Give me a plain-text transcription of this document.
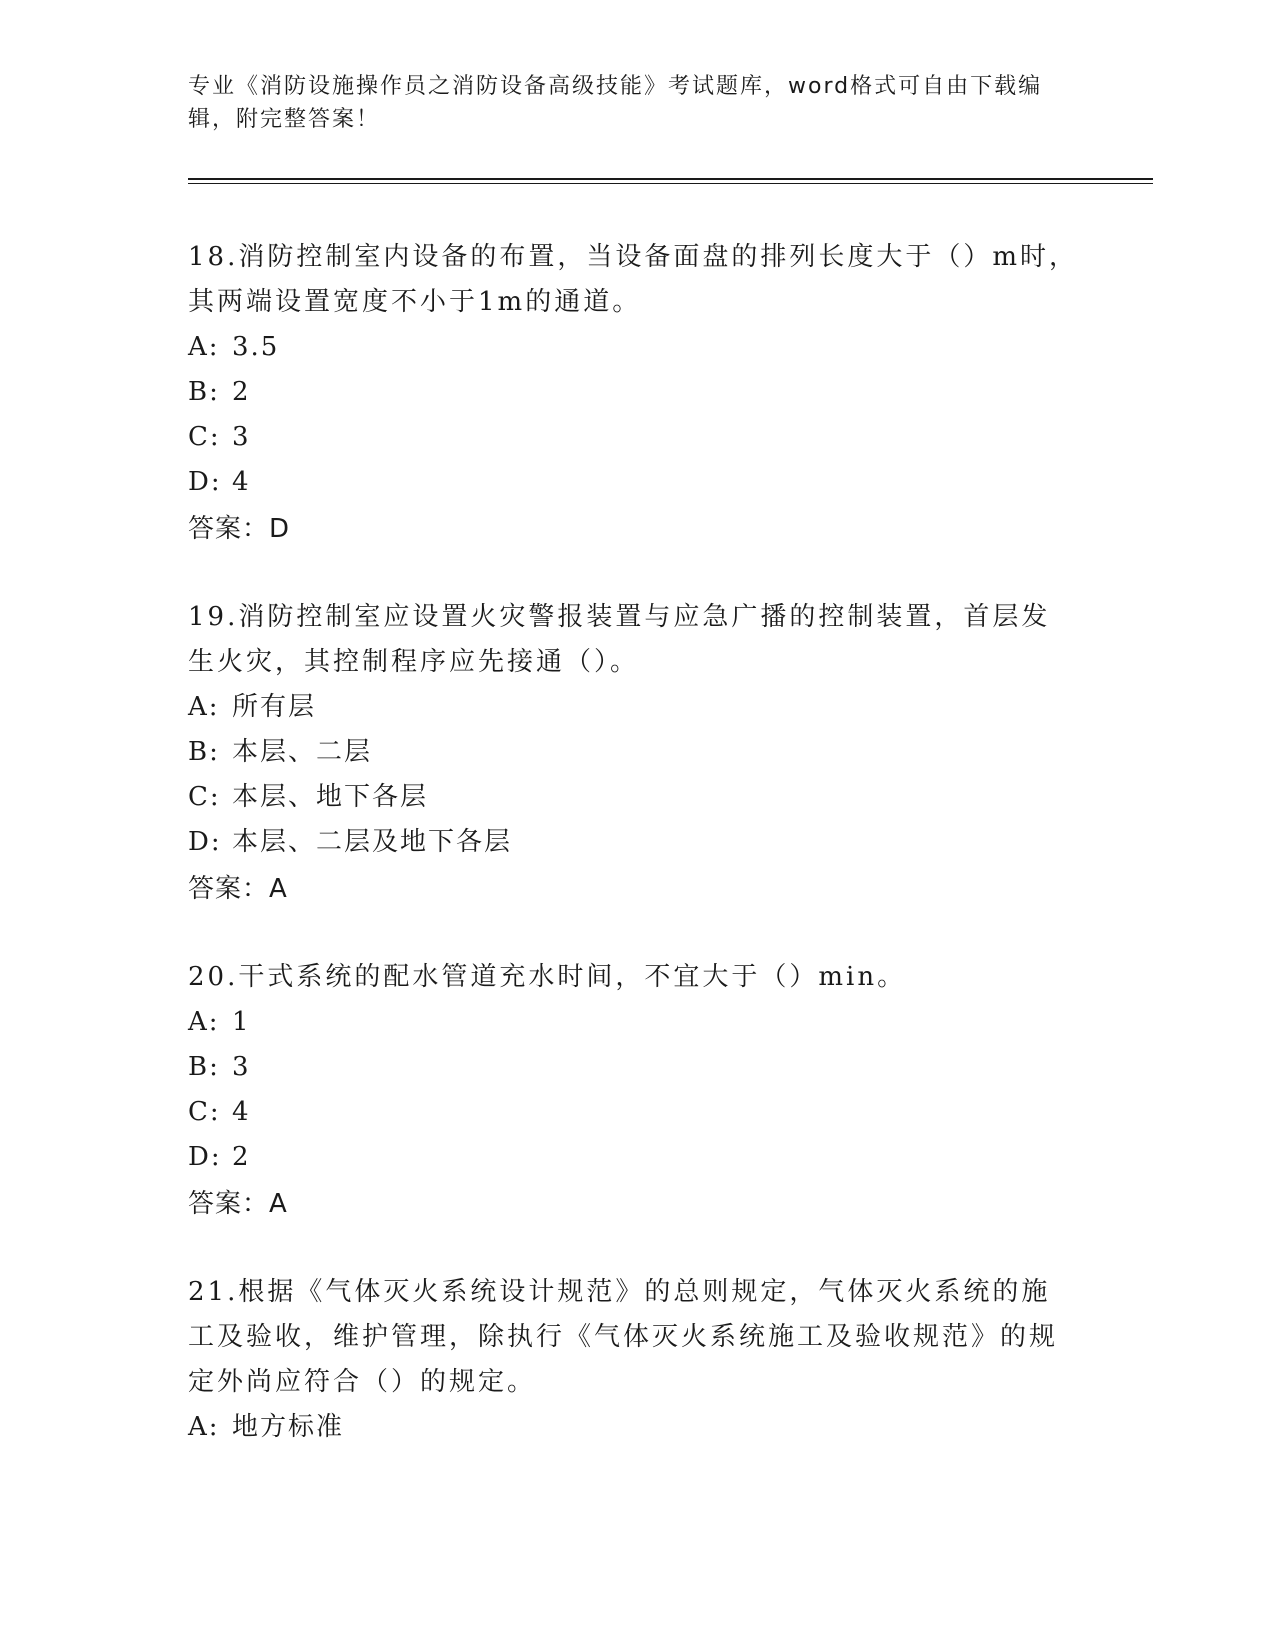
专业《消防设施操作员之消防设备高级技能》考试题库，word格式可自由下载编辑，附完整答案！

18.消防控制室内设备的布置，当设备面盘的排列长度大于（）m时，其两端设置宽度不小于1m的通道。

A: 3.5

B: 2

C: 3

D: 4

答案：D

19.消防控制室应设置火灾警报装置与应急广播的控制装置，首层发生火灾，其控制程序应先接通（）。

A: 所有层

B: 本层、二层

C: 本层、地下各层

D: 本层、二层及地下各层

答案：A

20.干式系统的配水管道充水时间，不宜大于（）min。

A: 1

B: 3

C: 4

D: 2

答案：A

21.根据《气体灭火系统设计规范》的总则规定，气体灭火系统的施工及验收，维护管理，除执行《气体灭火系统施工及验收规范》的规定外尚应符合（）的规定。

A: 地方标准
